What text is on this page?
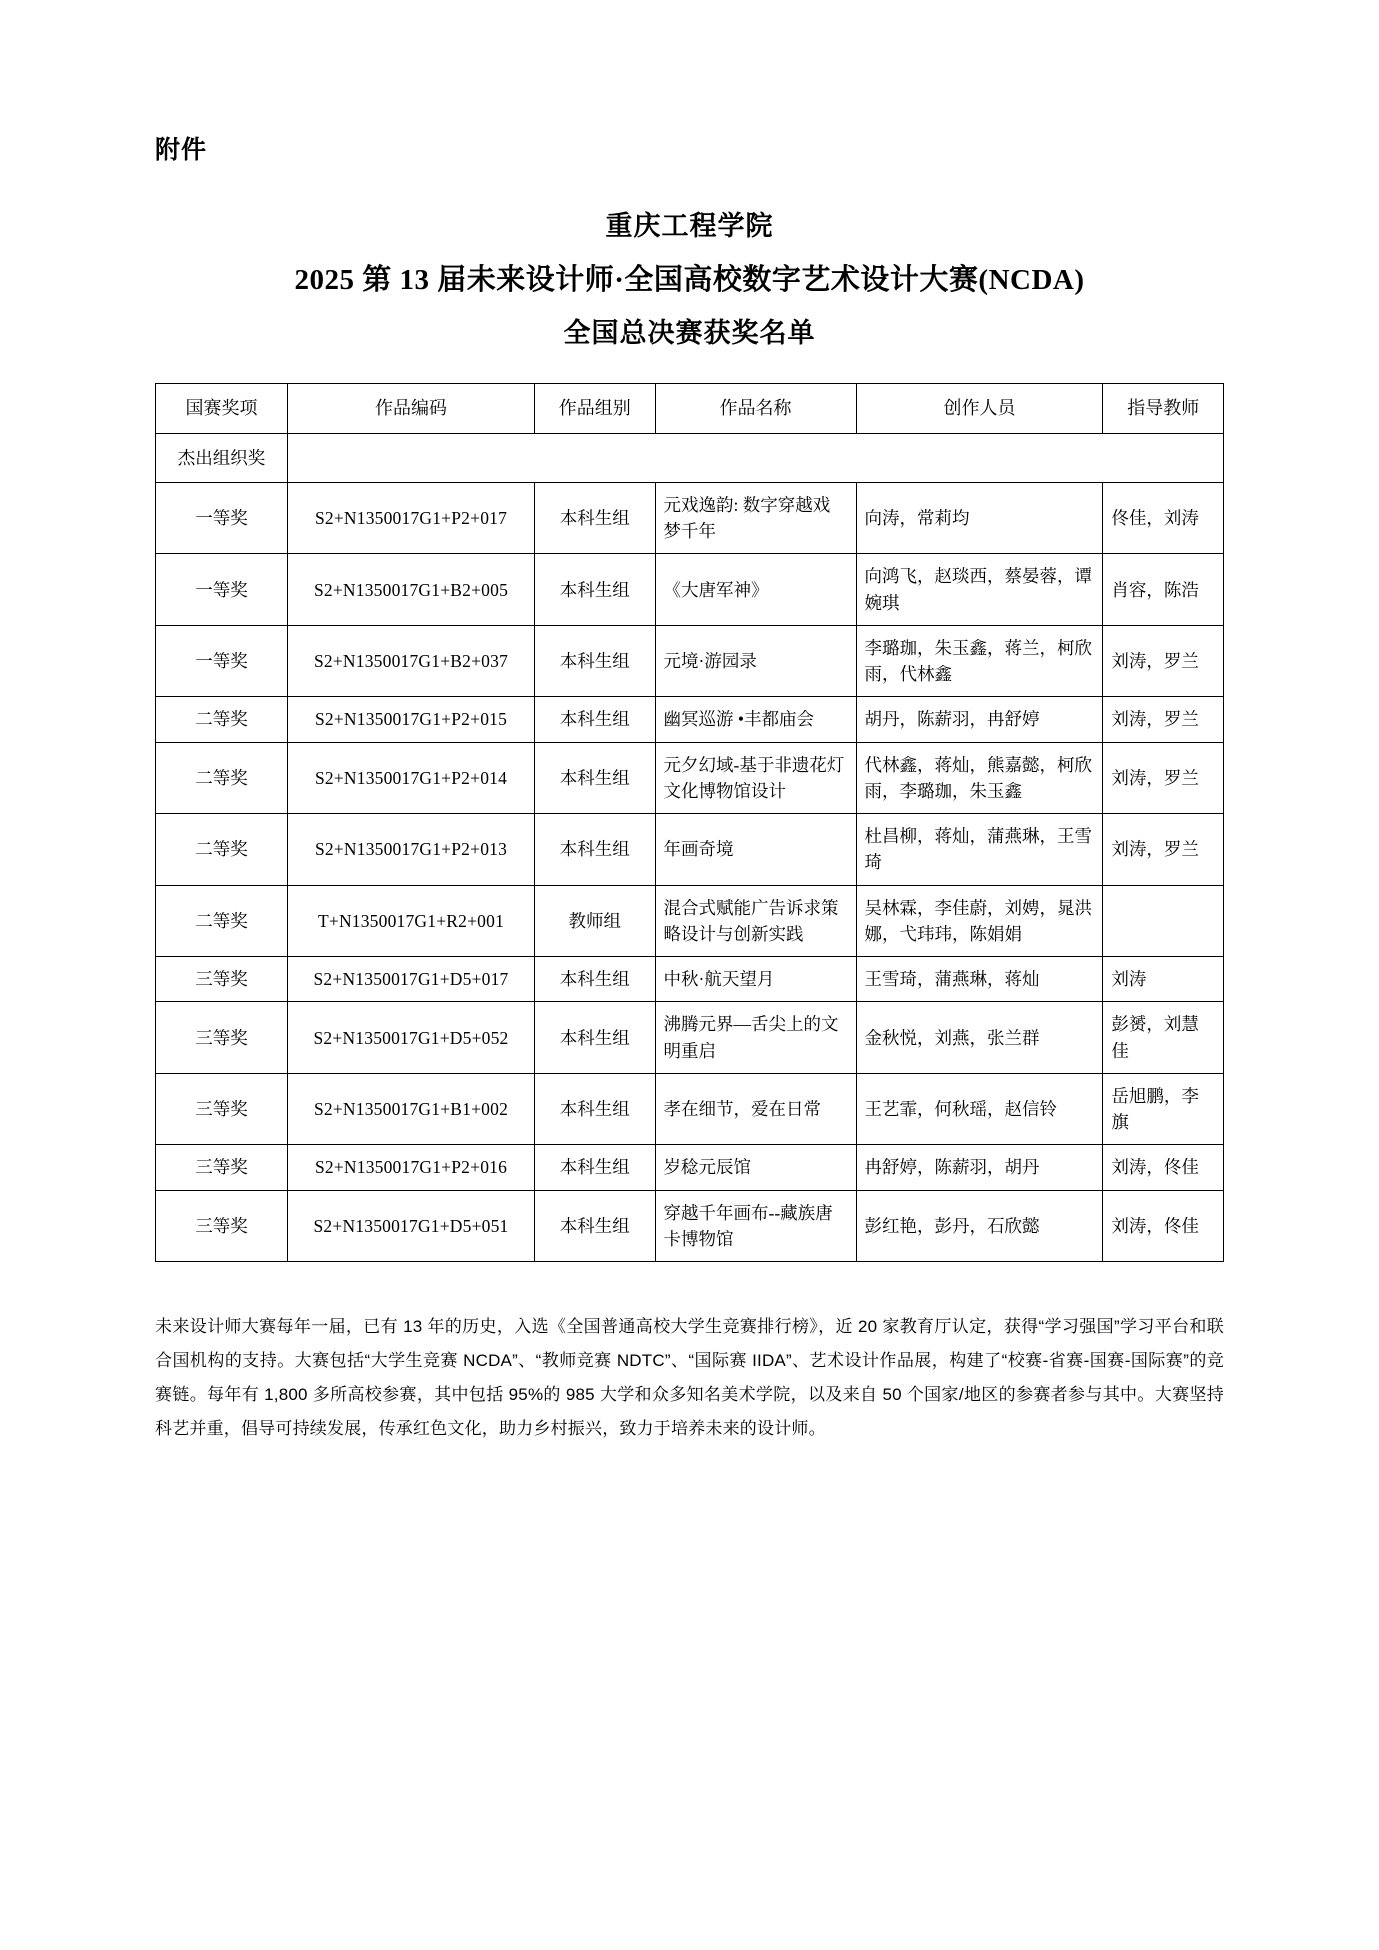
附件
重庆工程学院
2025 第 13 届未来设计师·全国高校数字艺术设计大赛(NCDA)
全国总决赛获奖名单
国赛奖项	作品编码	作品组别	作品名称	创作人员	指导教师
杰出组织奖					
一等奖	S2+N1350017G1+P2+017	本科生组	元戏逸韵: 数字穿越戏梦千年	向涛，常莉均	佟佳，刘涛
一等奖	S2+N1350017G1+B2+005	本科生组	《大唐军神》	向鸿飞，赵琰西，蔡晏蓉，谭婉琪	肖容，陈浩
一等奖	S2+N1350017G1+B2+037	本科生组	元境·游园录	李璐珈，朱玉鑫，蒋兰，柯欣雨，代林鑫	刘涛，罗兰
二等奖	S2+N1350017G1+P2+015	本科生组	幽冥巡游 •丰都庙会	胡丹，陈薪羽，冉舒婷	刘涛，罗兰
二等奖	S2+N1350017G1+P2+014	本科生组	元夕幻域-基于非遗花灯文化博物馆设计	代林鑫，蒋灿，熊嘉懿，柯欣雨，李璐珈，朱玉鑫	刘涛，罗兰
二等奖	S2+N1350017G1+P2+013	本科生组	年画奇境	杜昌柳，蒋灿，蒲燕琳，王雪琦	刘涛，罗兰
二等奖	T+N1350017G1+R2+001	教师组	混合式赋能广告诉求策略设计与创新实践	吴林霖，李佳蔚，刘娉，晁洪娜，弋玮玮，陈娟娟	
三等奖	S2+N1350017G1+D5+017	本科生组	中秋·航天望月	王雪琦，蒲燕琳，蒋灿	刘涛
三等奖	S2+N1350017G1+D5+052	本科生组	沸腾元界—舌尖上的文明重启	金秋悦，刘燕，张兰群	彭赟，刘慧佳
三等奖	S2+N1350017G1+B1+002	本科生组	孝在细节，爱在日常	王艺霏，何秋瑶，赵信铃	岳旭鹏，李旗
三等奖	S2+N1350017G1+P2+016	本科生组	岁稔元辰馆	冉舒婷，陈薪羽，胡丹	刘涛，佟佳
三等奖	S2+N1350017G1+D5+051	本科生组	穿越千年画布--藏族唐卡博物馆	彭红艳，彭丹，石欣懿	刘涛，佟佳
未来设计师大赛每年一届，已有 13 年的历史，入选《全国普通高校大学生竞赛排行榜》，近 20 家教育厅认定，获得“学习强国”学习平台和联合国机构的支持。大赛包括“大学生竞赛 NCDA”、“教师竞赛 NDTC”、“国际赛 IIDA”、艺术设计作品展，构建了“校赛-省赛-国赛-国际赛”的竞赛链。每年有 1,800 多所高校参赛，其中包括 95%的 985 大学和众多知名美术学院，以及来自 50 个国家/地区的参赛者参与其中。大赛坚持科艺并重，倡导可持续发展，传承红色文化，助力乡村振兴，致力于培养未来的设计师。
